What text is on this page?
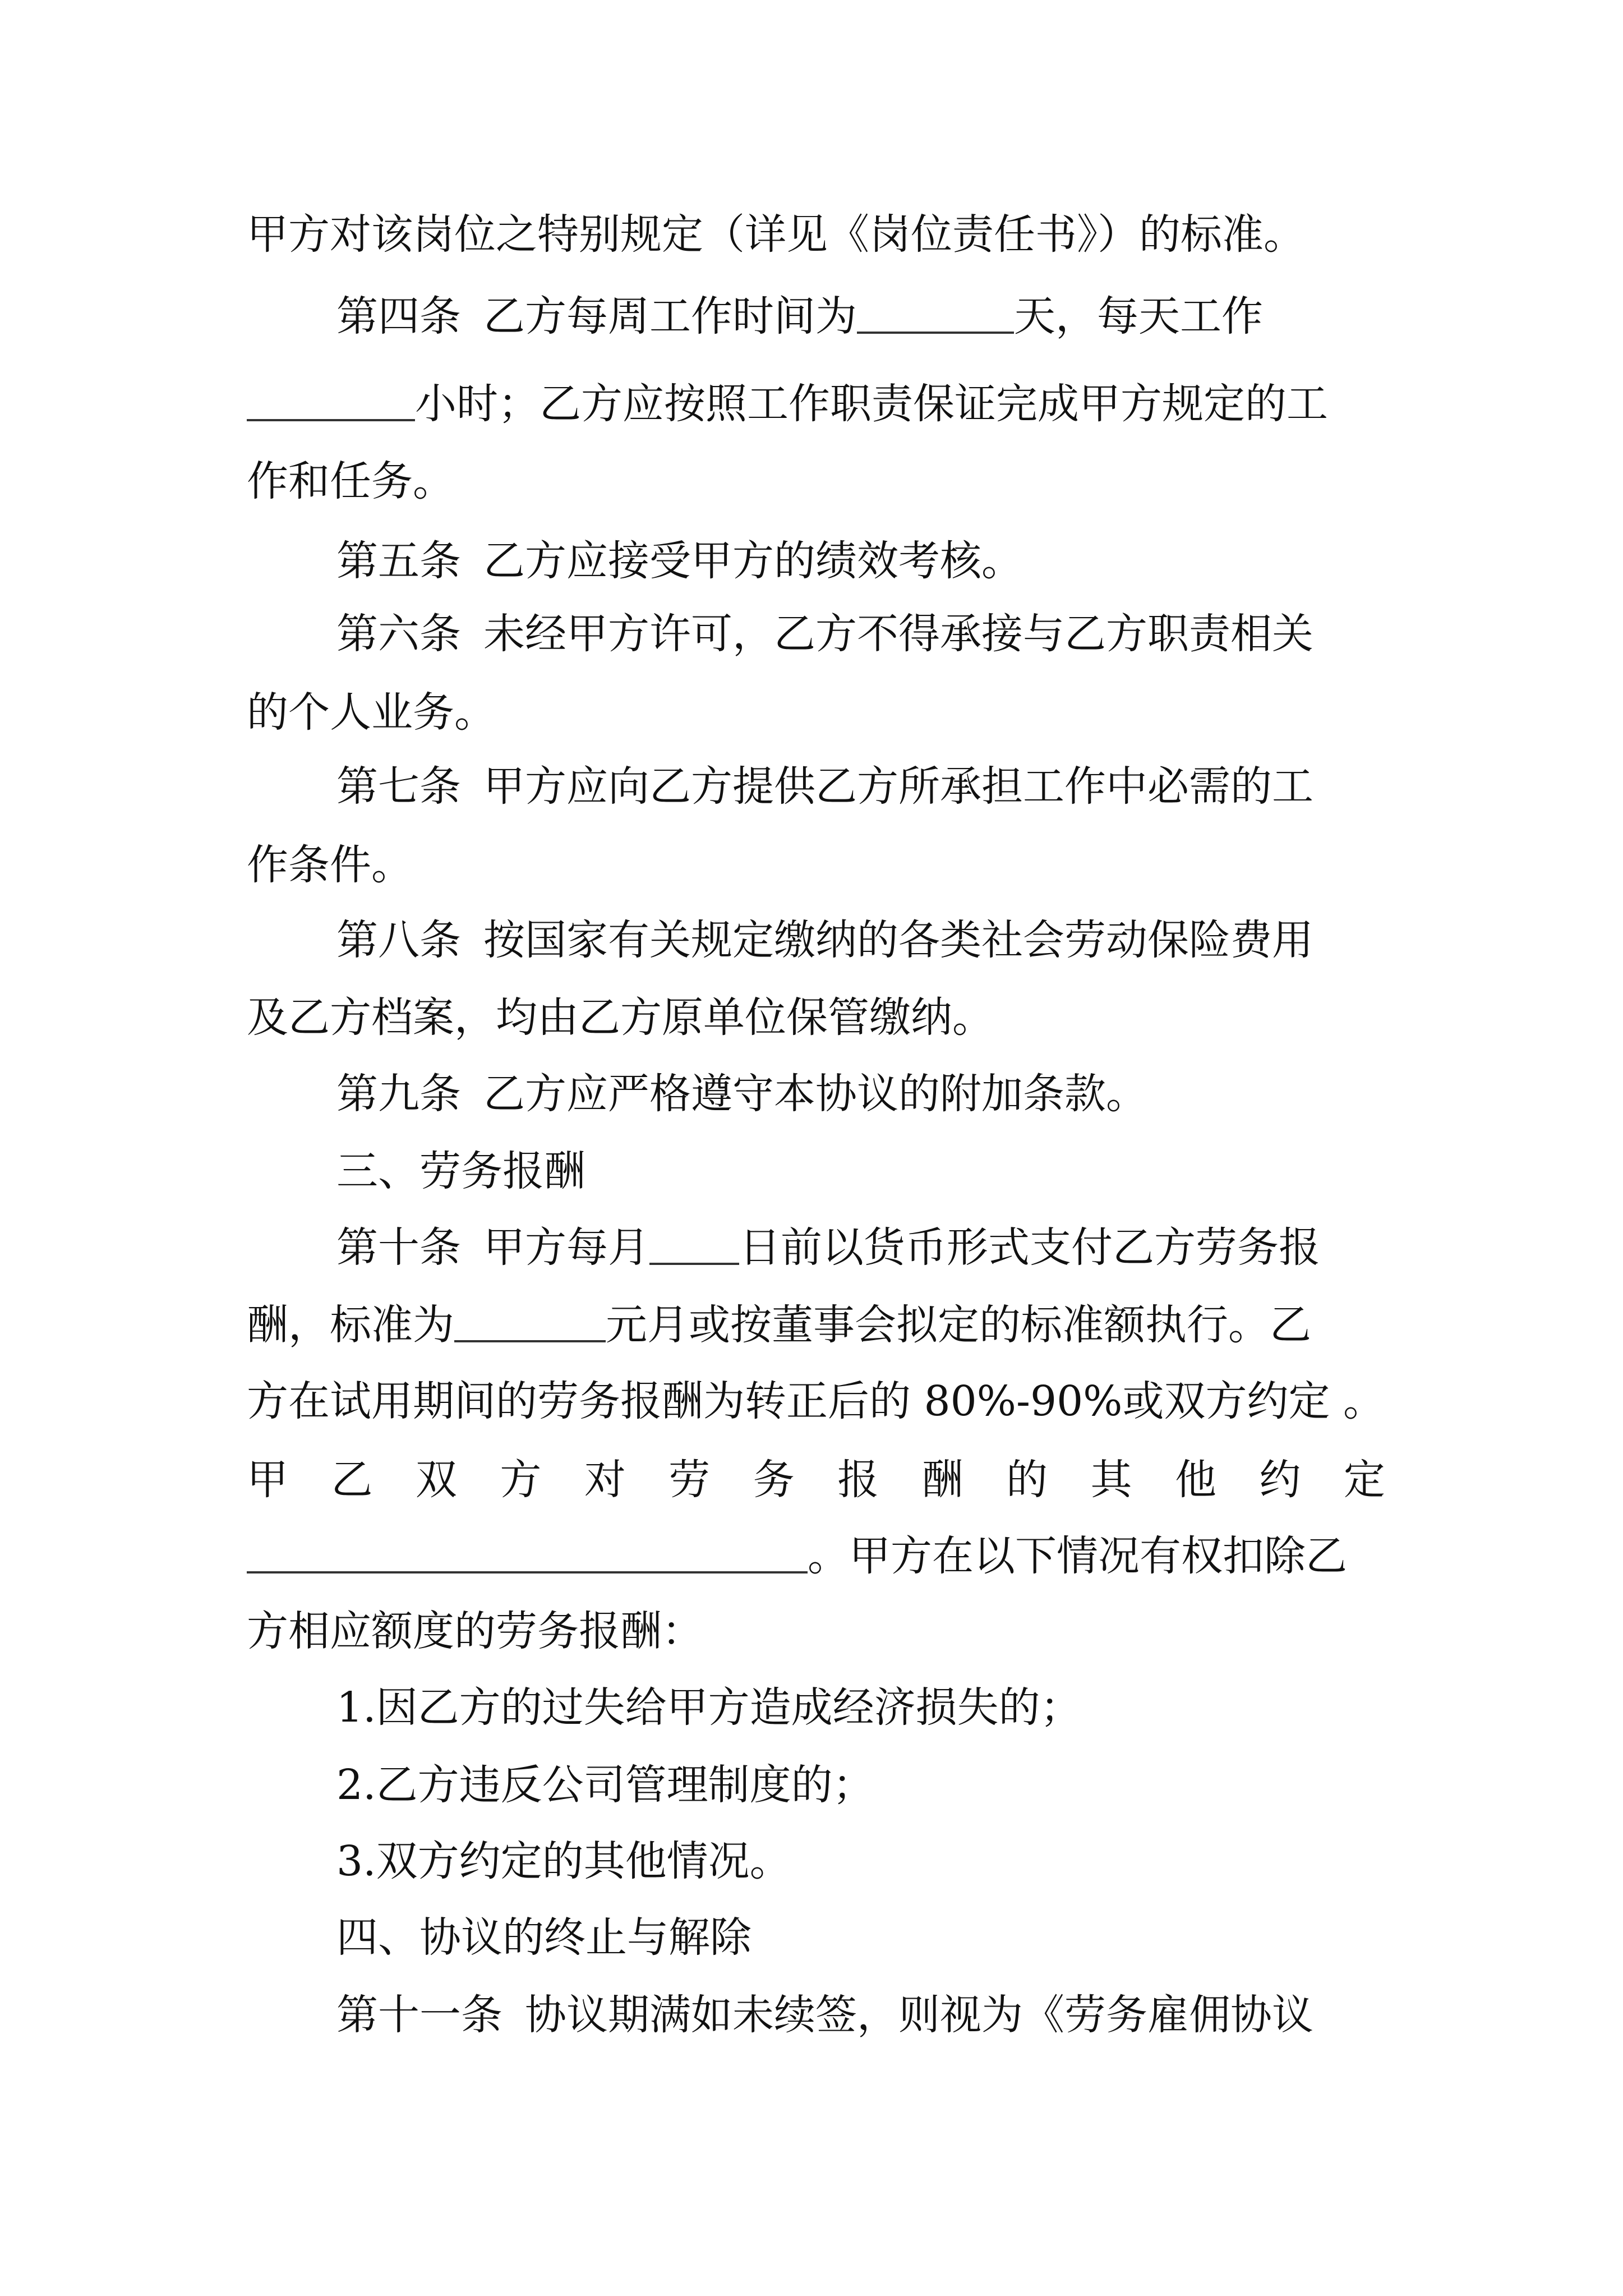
甲方对该岗位之特别规定（详见《岗位责任书》）的标准。
第四条 乙方每周工作时间为	天，每天工作
小时；乙方应按照工作职责保证完成甲方规定的工
作和任务。
第五条 乙方应接受甲方的绩效考核。
第六条 未经甲方许可，乙方不得承接与乙方职责相关
的个人业务。
第七条 甲方应向乙方提供乙方所承担工作中必需的工
作条件。
第八条 按国家有关规定缴纳的各类社会劳动保险费用
及乙方档案，均由乙方原单位保管缴纳。
第九条 乙方应严格遵守本协议的附加条款。
三、劳务报酬
第十条 甲方每月 日前以货币形式支付乙方劳务报
酬，标准为	元月或按董事会拟定的标准额执行。乙
方在试用期间的劳务报酬为转正后的 80%-90%或双方约定 。
甲 乙 双 方 对 劳 务 报 酬 的 其 他 约 定
。甲方在以下情况有权扣除乙
方相应额度的劳务报酬：
1.因乙方的过失给甲方造成经济损失的；
2.乙方违反公司管理制度的；
3.双方约定的其他情况。
四、协议的终止与解除
第十一条 协议期满如未续签，则视为《劳务雇佣协议
